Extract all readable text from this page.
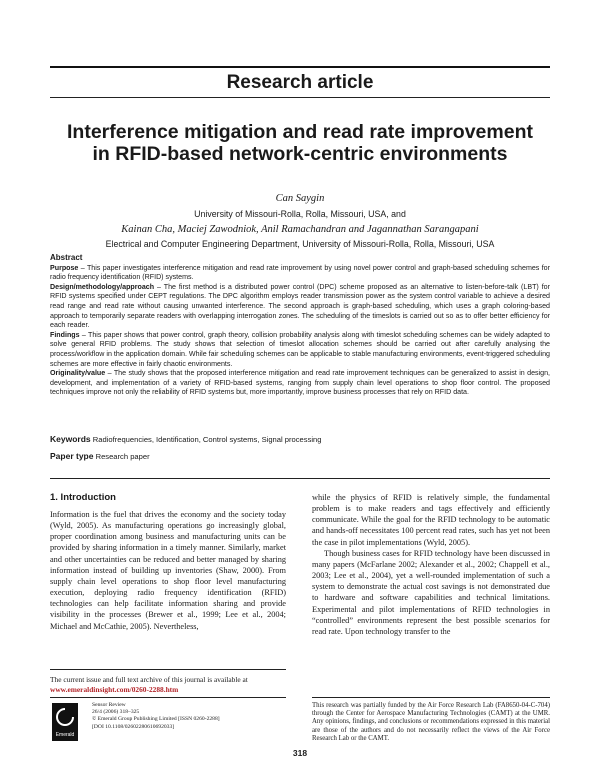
Research article
Interference mitigation and read rate improvement in RFID-based network-centric environments
Can Saygin
University of Missouri-Rolla, Rolla, Missouri, USA, and
Kainan Cha, Maciej Zawodniok, Anil Ramachandran and Jagannathan Sarangapani
Electrical and Computer Engineering Department, University of Missouri-Rolla, Rolla, Missouri, USA

Abstract

Purpose – This paper investigates interference mitigation and read rate improvement by using novel power control and graph-based scheduling schemes for radio frequency identification (RFID) systems.

Design/methodology/approach – The first method is a distributed power control (DPC) scheme proposed as an alternative to listen-before-talk (LBT) for RFID systems specified under CEPT regulations. The DPC algorithm employs reader transmission power as the system control variable to achieve a desired read range and read rate without causing unwanted interference. The second approach is graph-based scheduling, which uses a graph coloring-based approach to temporarily separate readers with overlapping interrogation zones. The scheduling of the timeslots is carried out so as to offer better efficiency for each reader.

Findings – This paper shows that power control, graph theory, collision probability analysis along with timeslot scheduling schemes can be widely adapted to solve general RFID problems. The study shows that selection of timeslot allocation schemes should be carried out after carefully analysing the process/workflow in the application domain. While fair scheduling schemes can be applicable to stable manufacturing environments, event-triggered scheduling schemes are more effective in fairly chaotic environments.

Originality/value – The study shows that the proposed interference mitigation and read rate improvement techniques can be generalized to assist in design, development, and implementation of a variety of RFID-based systems, ranging from supply chain level operations to shop floor control. The proposed techniques improve not only the reliability of RFID systems but, more importantly, improve business processes that rely on RFID data.

Keywords Radiofrequencies, Identification, Control systems, Signal processing
Paper type Research paper
1. Introduction

Information is the fuel that drives the economy and the society today (Wyld, 2005). As manufacturing operations go increasingly global, proper coordination among business and manufacturing units can be provided by sharing information in a timely manner. Similarly, market and other uncertainties can be reduced and better managed by sharing information instead of building up inventories (Shaw, 2000). From supply chain level operations to shop floor level manufacturing execution, deploying radio frequency identification (RFID) technologies can help facilitate information sharing and provide visibility in the processes (Brewer et al., 1999; Lee et al., 2004; Michael and McCathie, 2005). Nevertheless,

while the physics of RFID is relatively simple, the fundamental problem is to make readers and tags effectively and efficiently communicate. While the goal for the RFID technology to be automatic and hands-off necessitates 100 percent read rates, such has yet not been the case in pilot implementations (Wyld, 2005).

Though business cases for RFID technology have been discussed in many papers (McFarlane 2002; Alexander et al., 2002; Chappell et al., 2003; Lee et al., 2004), yet a well-rounded implementation of such a system to demonstrate the actual cost savings is not demonstrated due to hardware and software capabilities and technical limitations. Experimental and pilot implementations of RFID technologies in “controlled” environments represent the best possible scenarios for read rate. Upon technology transfer to the

The current issue and full text archive of this journal is available at
www.emeraldinsight.com/0260-2288.htm
Emerald
Sensor Review
26/4 (2006) 318–325
© Emerald Group Publishing Limited [ISSN 0260-2288]
[DOI 10.1108/02602280610692033]
This research was partially funded by the Air Force Research Lab (FA8650-04-C-704) through the Center for Aerospace Manufacturing Technologies (CAMT) at the UMR. Any opinions, findings, and conclusions or recommendations expressed in this material are those of the authors and do not necessarily reflect the views of the Air Force Research Lab or the CAMT.
318
